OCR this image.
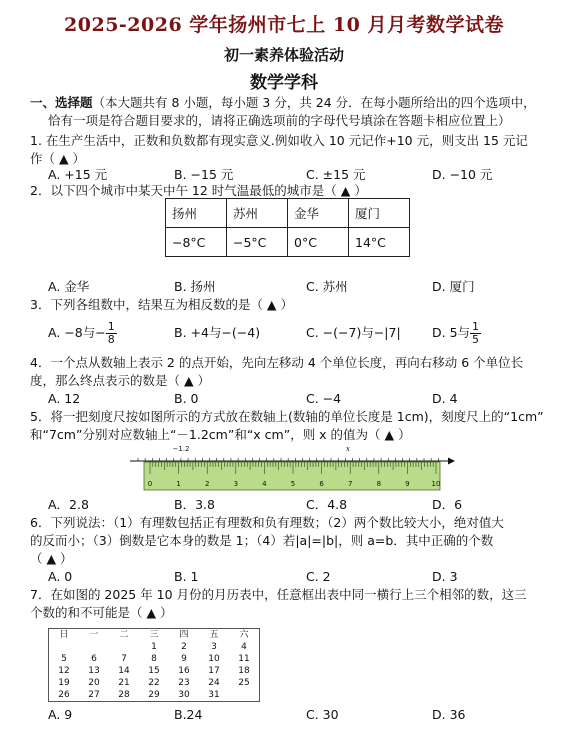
2025-2026 学年扬州市七上 10 月月考数学试卷
初一素养体验活动
数学学科
一、选择题（本大题共有 8 小题，每小题 3 分，共 24 分．在每小题所给出的四个选项中，
恰有一项是符合题目要求的，请将正确选项前的字母代号填涂在答题卡相应位置上）
1. 在生产生活中，正数和负数都有现实意义.例如收入 10 元记作+10 元，则支出 15 元记
作（ ▲ ）
A. +15 元	B. −15 元	C. ±15 元	D. −10 元
2．以下四个城市中某天中午 12 时气温最低的城市是（ ▲ ）
扬州	苏州	金华	厦门
−8°C	−5°C	0°C	14°C
A. 金华	B. 扬州	C. 苏州	D. 厦门
3．下列各组数中，结果互为相反数的是（ ▲ ）
A. −8与− $\frac{1}{8}$	B. +4与−(−4)	C. −(−7)与−|7|	D. 5与 $\frac{1}{5}$
4．一个点从数轴上表示 2 的点开始，先向左移动 4 个单位长度，再向右移动 6 个单位长
度，那么终点表示的数是（ ▲ ）
A. 12	B. 0	C. −4	D. 4
5．将一把刻度尺按如图所示的方式放在数轴上(数轴的单位长度是 1cm)，刻度尺上的“1cm”
和“7cm”分别对应数轴上“－1.2cm”和“x cm”，则 x 的值为（ ▲ ）
−1.2	x
0	1	2	3	4	5	6	7	8	9	10
A．2.8	B．3.8	C．4.8	D．6
6．下列说法：（1）有理数包括正有理数和负有理数；（2）两个数比较大小，绝对值大
的反而小；（3）倒数是它本身的数是 1；（4）若|a|=|b|，则 a=b．其中正确的个数
（ ▲ ）
A. 0	B. 1	C. 2	D. 3
7．在如图的 2025 年 10 月份的月历表中，任意框出表中同一横行上三个相邻的数，这三
个数的和不可能是（ ▲ ）
日	一	二	三	四	五	六
			1	2	3	4
5	6	7	8	9	10	11
12	13	14	15	16	17	18
19	20	21	22	23	24	25
26	27	28	29	30	31	
A. 9	B.24	C. 30	D. 36
